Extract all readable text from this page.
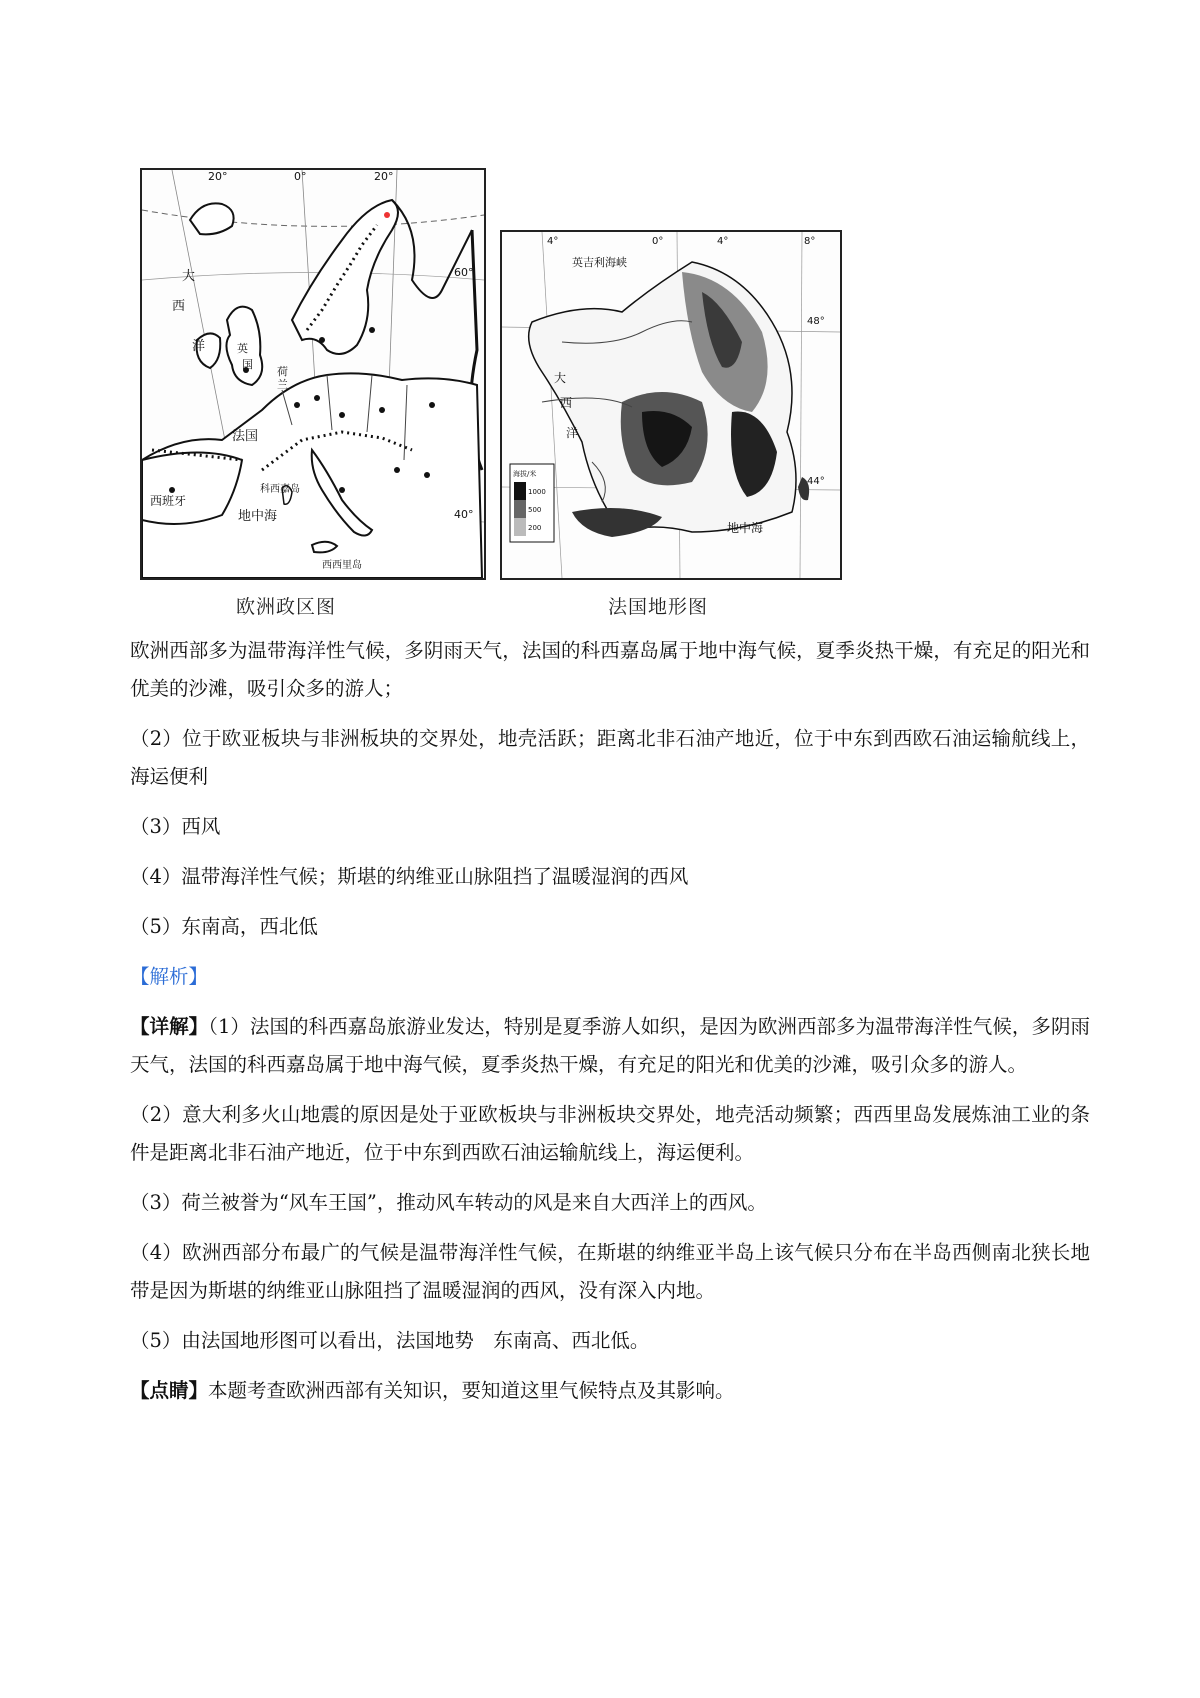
20°	0°	20°
60°
40°
大
西
洋
荷
兰
英
国
法国
西班牙
科西嘉岛
地中海
西西里岛
海拔/米
1000
500
200
4°	0°	4°	8°
48°
44°
英吉利海峡
大
西
洋
地中海
欧洲政区图	法国地形图

欧洲西部多为温带海洋性气候，多阴雨天气，法国的科西嘉岛属于地中海气候，夏季炎热干燥，有充足的阳光和优美的沙滩，吸引众多的游人；

（2）位于欧亚板块与非洲板块的交界处，地壳活跃；距离北非石油产地近，位于中东到西欧石油运输航线上，海运便利

（3）西风

（4）温带海洋性气候；斯堪的纳维亚山脉阻挡了温暖湿润的西风

（5）东南高，西北低

【解析】

【详解】（1）法国的科西嘉岛旅游业发达，特别是夏季游人如织，是因为欧洲西部多为温带海洋性气候，多阴雨天气，法国的科西嘉岛属于地中海气候，夏季炎热干燥，有充足的阳光和优美的沙滩，吸引众多的游人。

（2）意大利多火山地震的原因是处于亚欧板块与非洲板块交界处，地壳活动频繁；西西里岛发展炼油工业的条件是距离北非石油产地近，位于中东到西欧石油运输航线上，海运便利。

（3）荷兰被誉为“风车王国”，推动风车转动的风是来自大西洋上的西风。

（4）欧洲西部分布最广的气候是温带海洋性气候，在斯堪的纳维亚半岛上该气候只分布在半岛西侧南北狭长地带是因为斯堪的纳维亚山脉阻挡了温暖湿润的西风，没有深入内地。

（5）由法国地形图可以看出，法国地势　东南高、西北低。

【点睛】本题考查欧洲西部有关知识，要知道这里气候特点及其影响。
